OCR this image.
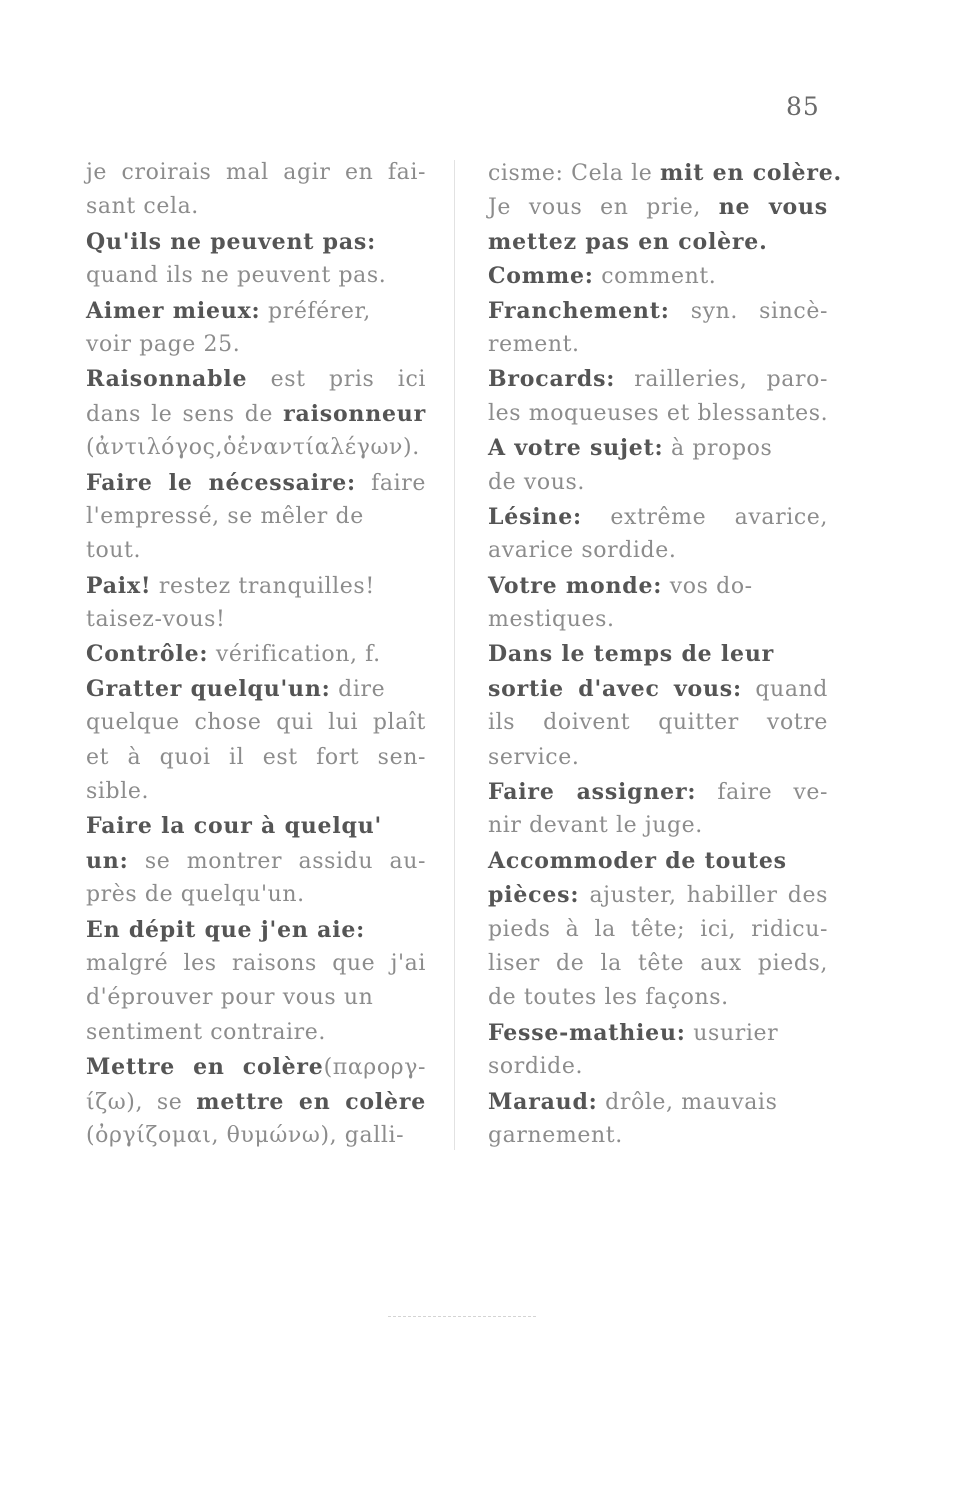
85
je croirais mal agir en fai-
sant cela.
Qu'ils ne peuvent pas:
quand ils ne peuvent pas.
Aimer mieux: préférer,
voir page 25.
Raisonnable est pris ici
dans le sens de raisonneur
(ἀντιλόγος,ὁἐναντίαλέγων).
Faire le nécessaire: faire
l'empressé, se mêler de
tout.
Paix! restez tranquilles!
taisez-vous!
Contrôle: vérification, f.
Gratter quelqu'un: dire
quelque chose qui lui plaît
et à quoi il est fort sen-
sible.
Faire la cour à quelqu'
un: se montrer assidu au-
près de quelqu'un.
En dépit que j'en aie:
malgré les raisons que j'ai
d'éprouver pour vous un
sentiment contraire.
Mettre en colère(παροργ-
ίζω), se mettre en colère
(ὀργίζομαι, θυμώνω), galli-
cisme: Cela le mit en colère.
Je vous en prie, ne vous
mettez pas en colère.
Comme: comment.
Franchement: syn. sincè-
rement.
Brocards: railleries, paro-
les moqueuses et blessantes.
A votre sujet: à propos
de vous.
Lésine: extrême avarice,
avarice sordide.
Votre monde: vos do-
mestiques.
Dans le temps de leur
sortie d'avec vous: quand
ils doivent quitter votre
service.
Faire assigner: faire ve-
nir devant le juge.
Accommoder de toutes
pièces: ajuster, habiller des
pieds à la tête; ici, ridicu-
liser de la tête aux pieds,
de toutes les façons.
Fesse-mathieu: usurier
sordide.
Maraud: drôle, mauvais
garnement.
